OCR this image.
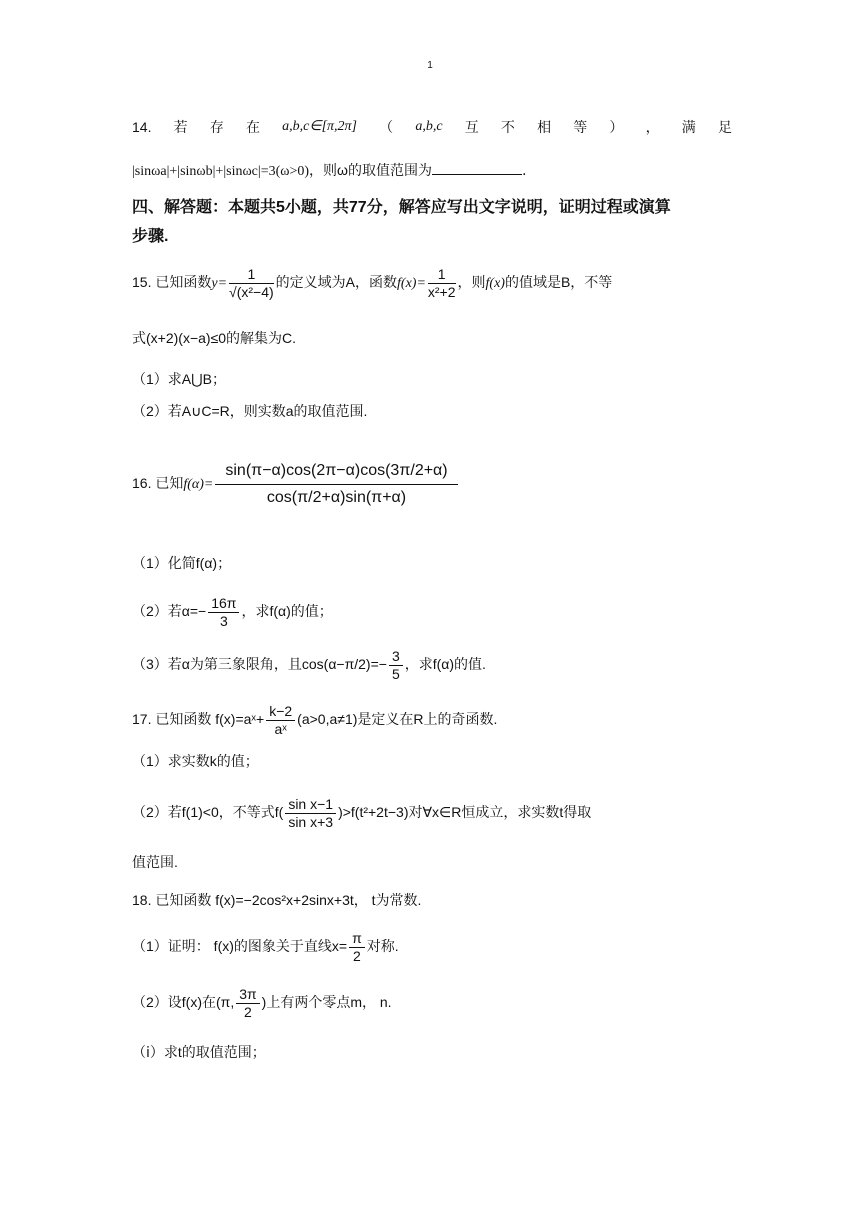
1
14. 若 存 在 a,b,c∈[π,2π] （ a,b,c 互 不 相 等 ） ， 满 足
|sinωa|+|sinωb|+|sinωc|=3(ω>0)，则ω的取值范围为	.
四、解答题：本题共5小题，共77分，解答应写出文字说明，证明过程或演算
步骤.
15. 已知函数$y= \frac{1}{\text{√(x²−4)}}$ 的定义域为A，函数$f(x)= \frac{1}{\text{x²+2}}$ ，则f(x)的值域是B，不等
式(x+2)(x−a)≤0的解集为C.
（1）求A⋃B；
（2）若A∪C=R，则实数a的取值范围.
16. 已知$f(\alpha)= \frac{\sin(\pi-\alpha)\cos(2\pi-\alpha)\cos(3\pi/2+\alpha)}{\cos(\pi/2+\alpha)\sin(\pi+\alpha)}$
（1）化简f(α)；
（2）若$\alpha=- \frac{16\pi}{3}$ ，求f(α)的值；
（3）若α为第三象限角，且$\cos(\alpha-\pi/2)=- \frac{3}{5}$ ，求f(α)的值.
17. 已知函数 f(x)=aˣ+ $\frac{k-2}{\text{aˣ}} (a>0,a\ne 1)$是定义在R上的奇函数.
（1）求实数k的值；
（2）若f(1)<0，不等式$f( \frac{\text{sin x−1}}{\text{sin x+3}} )>f(t^2+2t-3)$对∀x∈R恒成立，求实数t得取
值范围.
18. 已知函数 f(x)=−2cos²x+2sinx+3t， t为常数.
（1）证明： f(x)的图象关于直线$x= \frac{\pi}{2}$ 对称.
（2）设f(x)在(π, $\frac{3\pi}{2}$ )上有两个零点m， n.
（ⅰ）求t的取值范围；
